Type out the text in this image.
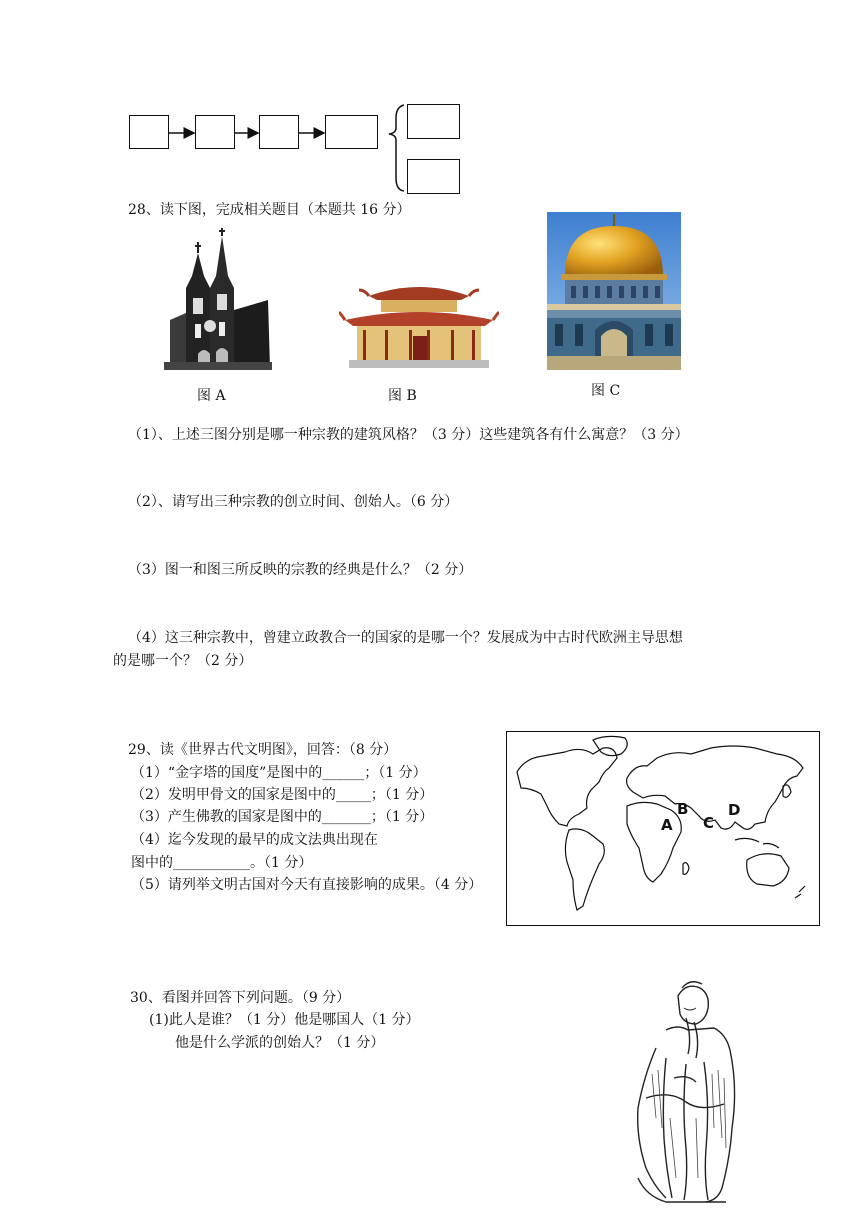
28、读下图，完成相关题目（本题共 16 分）
图 A	图 B	图 C
（1）、上述三图分别是哪一种宗教的建筑风格？（3 分）这些建筑各有什么寓意？（3 分）
（2）、请写出三种宗教的创立时间、创始人。（6 分）
（3）图一和图三所反映的宗教的经典是什么？（2 分）
（4）这三种宗教中，曾建立政教合一的国家的是哪一个？发展成为中古时代欧洲主导思想
的是哪一个？（2 分）
29、读《世界古代文明图》，回答：（8 分）
（1）“金字塔的国度”是图中的______；（1 分）
（2）发明甲骨文的国家是图中的_____；（1 分）
（3）产生佛教的国家是图中的_______；（1 分）
（4）迄今发现的最早的成文法典出现在
图中的___________。（1 分）
（5）请列举文明古国对今天有直接影响的成果。（4 分）
A
B
C
D
30、看图并回答下列问题。（9 分）
(1)此人是谁？（1 分）他是哪国人（1 分）
他是什么学派的创始人？（1 分）
